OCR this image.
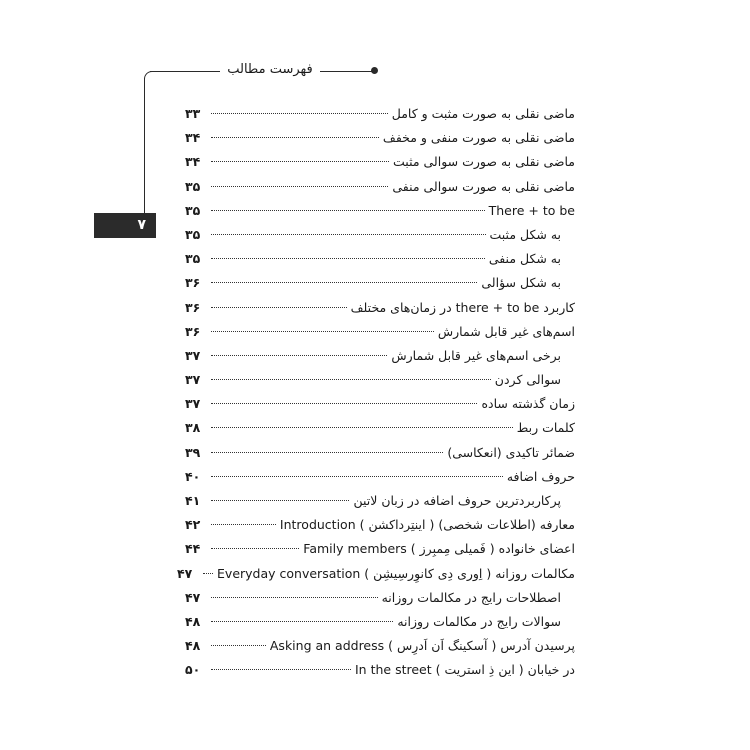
فهرست مطالب
۷
ماضی نقلی به صورت مثبت و کامل
۳۳
ماضی نقلی به صورت منفی و مخفف
۳۴
ماضی نقلی به صورت سوالی مثبت
۳۴
ماضی نقلی به صورت سوالی منفی
۳۵
There + to be
۳۵
به شکل مثبت
۳۵
به شکل منفی
۳۵
به شکل سؤالی
۳۶
کاربرد there + to be در زمان‌های مختلف
۳۶
اسم‌های غیر قابل شمارش
۳۶
برخی اسم‌های غیر قابل شمارش
۳۷
سوالی کردن
۳۷
زمان گذشته ساده
۳۷
کلمات ربط
۳۸
ضمائر تاکیدی (انعکاسی)
۳۹
حروف اضافه
۴۰
پرکاربردترین حروف اضافه در زبان لاتین
۴۱
معارفه (اطلاعات شخصی) ( اینتِرداکشن ) Introduction
۴۲
اعضای خانواده ( فَمیلی مِمبِرز ) Family members
۴۴
مکالمات روزانه ( اِوری دِی کانوِرسِیشِن ) Everyday conversation
۴۷
اصطلاحات رایج در مکالمات روزانه
۴۷
سوالات رایج در مکالمات روزانه
۴۸
پرسیدن آدرس ( آسکینگ اَن اَدرِس ) Asking an address
۴۸
در خیابان ( این ذِ استریت ) In the street
۵۰
